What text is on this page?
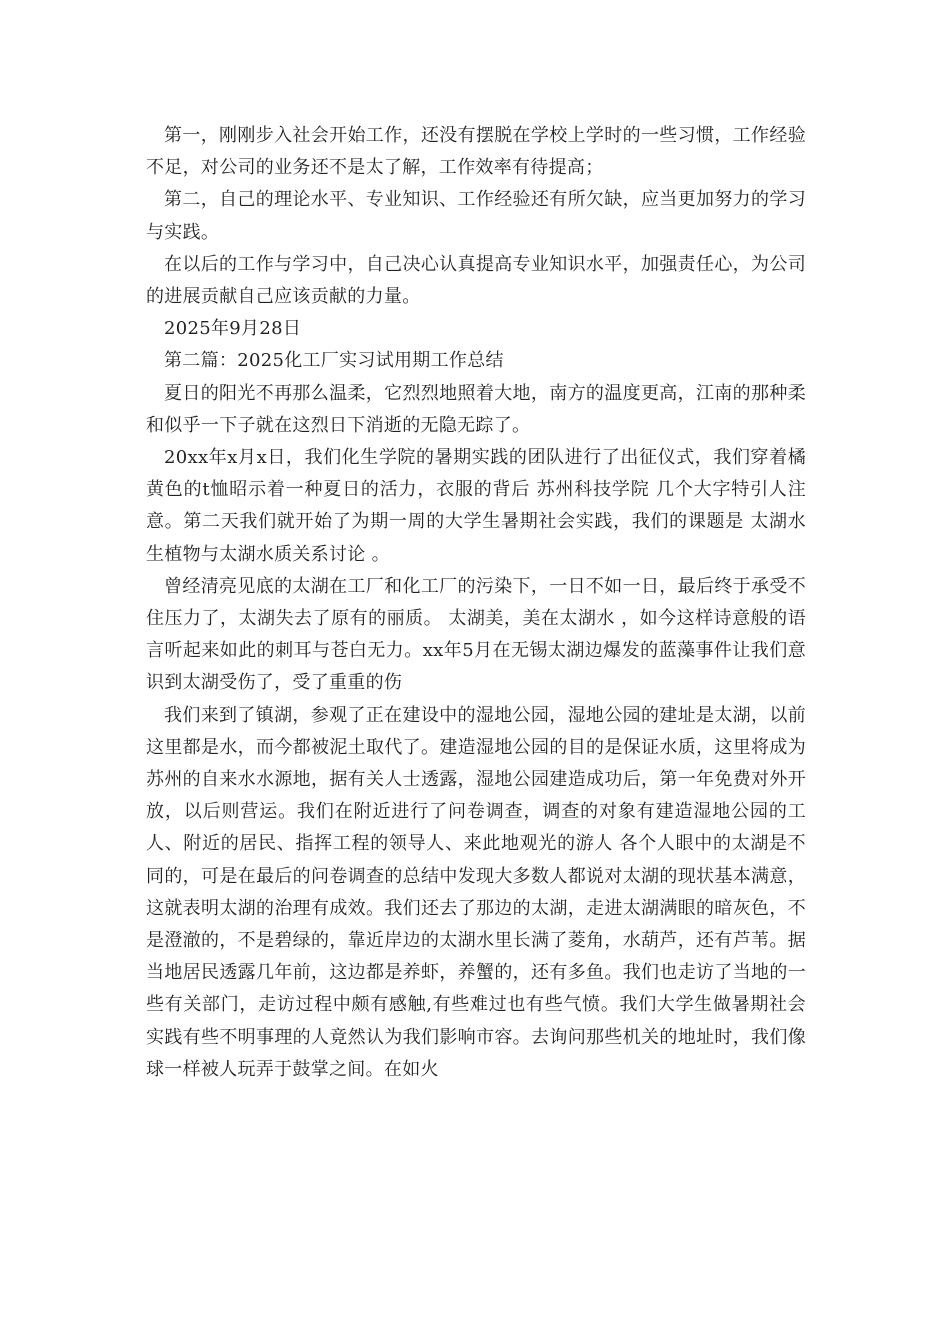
第一，刚刚步入社会开始工作，还没有摆脱在学校上学时的一些习惯，工作经验不足，对公司的业务还不是太了解，工作效率有待提高；

第二，自己的理论水平、专业知识、工作经验还有所欠缺，应当更加努力的学习与实践。

在以后的工作与学习中，自己决心认真提高专业知识水平，加强责任心，为公司的进展贡献自己应该贡献的力量。

2025年9月28日

第二篇：2025化工厂实习试用期工作总结

夏日的阳光不再那么温柔，它烈烈地照着大地，南方的温度更高，江南的那种柔和似乎一下子就在这烈日下消逝的无隐无踪了。

20xx年x月x日，我们化生学院的暑期实践的团队进行了出征仪式，我们穿着橘黄色的t恤昭示着一种夏日的活力，衣服的背后 苏州科技学院 几个大字特引人注意。第二天我们就开始了为期一周的大学生暑期社会实践，我们的课题是 太湖水生植物与太湖水质关系讨论 。

曾经清亮见底的太湖在工厂和化工厂的污染下，一日不如一日，最后终于承受不住压力了，太湖失去了原有的丽质。 太湖美，美在太湖水 ，如今这样诗意般的语言听起来如此的刺耳与苍白无力。xx年5月在无锡太湖边爆发的蓝藻事件让我们意识到太湖受伤了，受了重重的伤

我们来到了镇湖，参观了正在建设中的湿地公园，湿地公园的建址是太湖，以前这里都是水，而今都被泥土取代了。建造湿地公园的目的是保证水质，这里将成为苏州的自来水水源地，据有关人士透露，湿地公园建造成功后，第一年免费对外开放，以后则营运。我们在附近进行了问卷调查，调查的对象有建造湿地公园的工人、附近的居民、指挥工程的领导人、来此地观光的游人 各个人眼中的太湖是不同的，可是在最后的问卷调查的总结中发现大多数人都说对太湖的现状基本满意，这就表明太湖的治理有成效。我们还去了那边的太湖，走进太湖满眼的暗灰色，不是澄澈的，不是碧绿的，靠近岸边的太湖水里长满了菱角，水葫芦，还有芦苇。据当地居民透露几年前，这边都是养虾，养蟹的，还有多鱼。我们也走访了当地的一些有关部门，走访过程中颇有感触,有些难过也有些气愤。我们大学生做暑期社会实践有些不明事理的人竟然认为我们影响市容。去询问那些机关的地址时，我们像球一样被人玩弄于鼓掌之间。在如火
